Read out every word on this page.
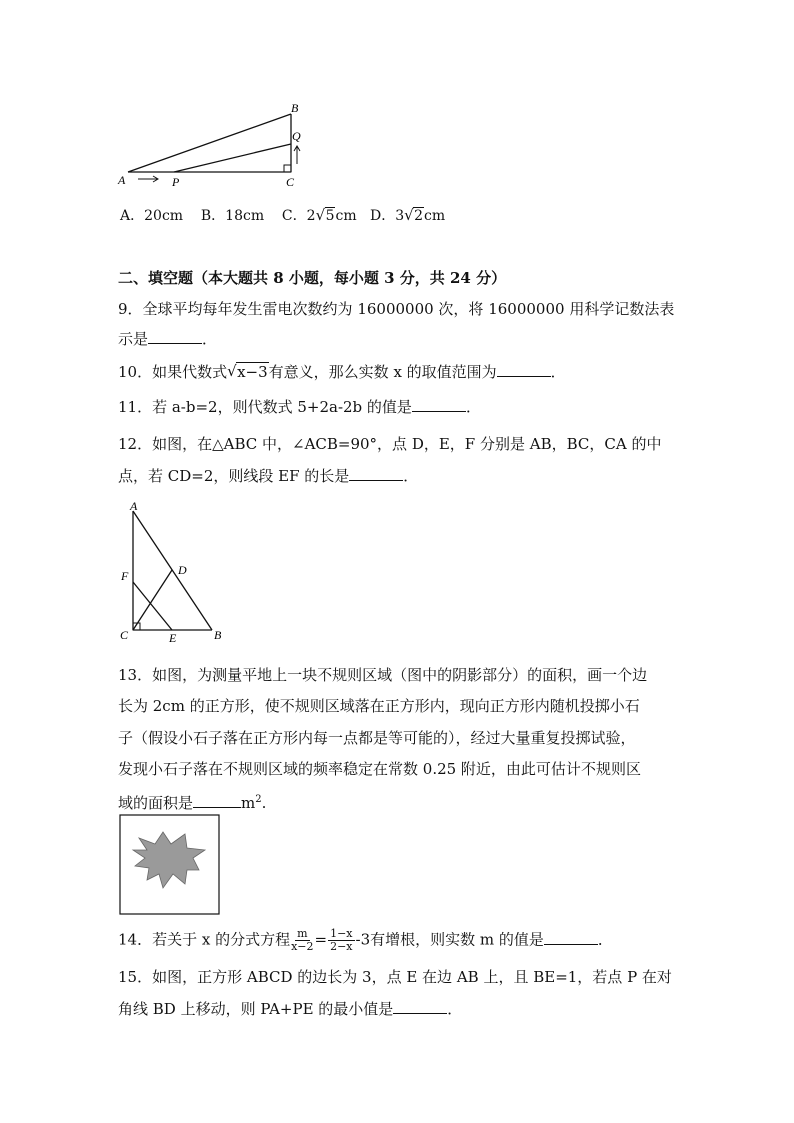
B
Q
A	P	C
A．20cm B．18cm C．2 √ 5cm D．3 √ 2cm
二、填空题（本大题共 8 小题，每小题 3 分，共 24 分）
9．全球平均每年发生雷电次数约为 16000000 次，将 16000000 用科学记数法表
示是	．
10．如果代数式 √ x−3有意义，那么实数 x 的取值范围为	．
11．若 a-b=2，则代数式 5+2a-2b 的值是	．
12．如图，在△ABC 中，∠ACB=90°，点 D，E，F 分别是 AB，BC，CA 的中
点，若 CD=2，则线段 EF 的长是	．
A
F	D
C	E	B
13．如图，为测量平地上一块不规则区域（图中的阴影部分）的面积，画一个边
长为 2cm 的正方形，使不规则区域落在正方形内，现向正方形内随机投掷小石
子（假设小石子落在正方形内每一点都是等可能的），经过大量重复投掷试验，
发现小石子落在不规则区域的频率稳定在常数 0.25 附近，由此可估计不规则区
域的面积是	$m^2$.
14．若关于 x 的分式方程 $\frac{m}{x-2} = \frac{1-x}{2-x} -3$有增根，则实数 m 的值是	．
15．如图，正方形 ABCD 的边长为 3，点 E 在边 AB 上，且 BE=1，若点 P 在对
角线 BD 上移动，则 PA+PE 的最小值是	．
